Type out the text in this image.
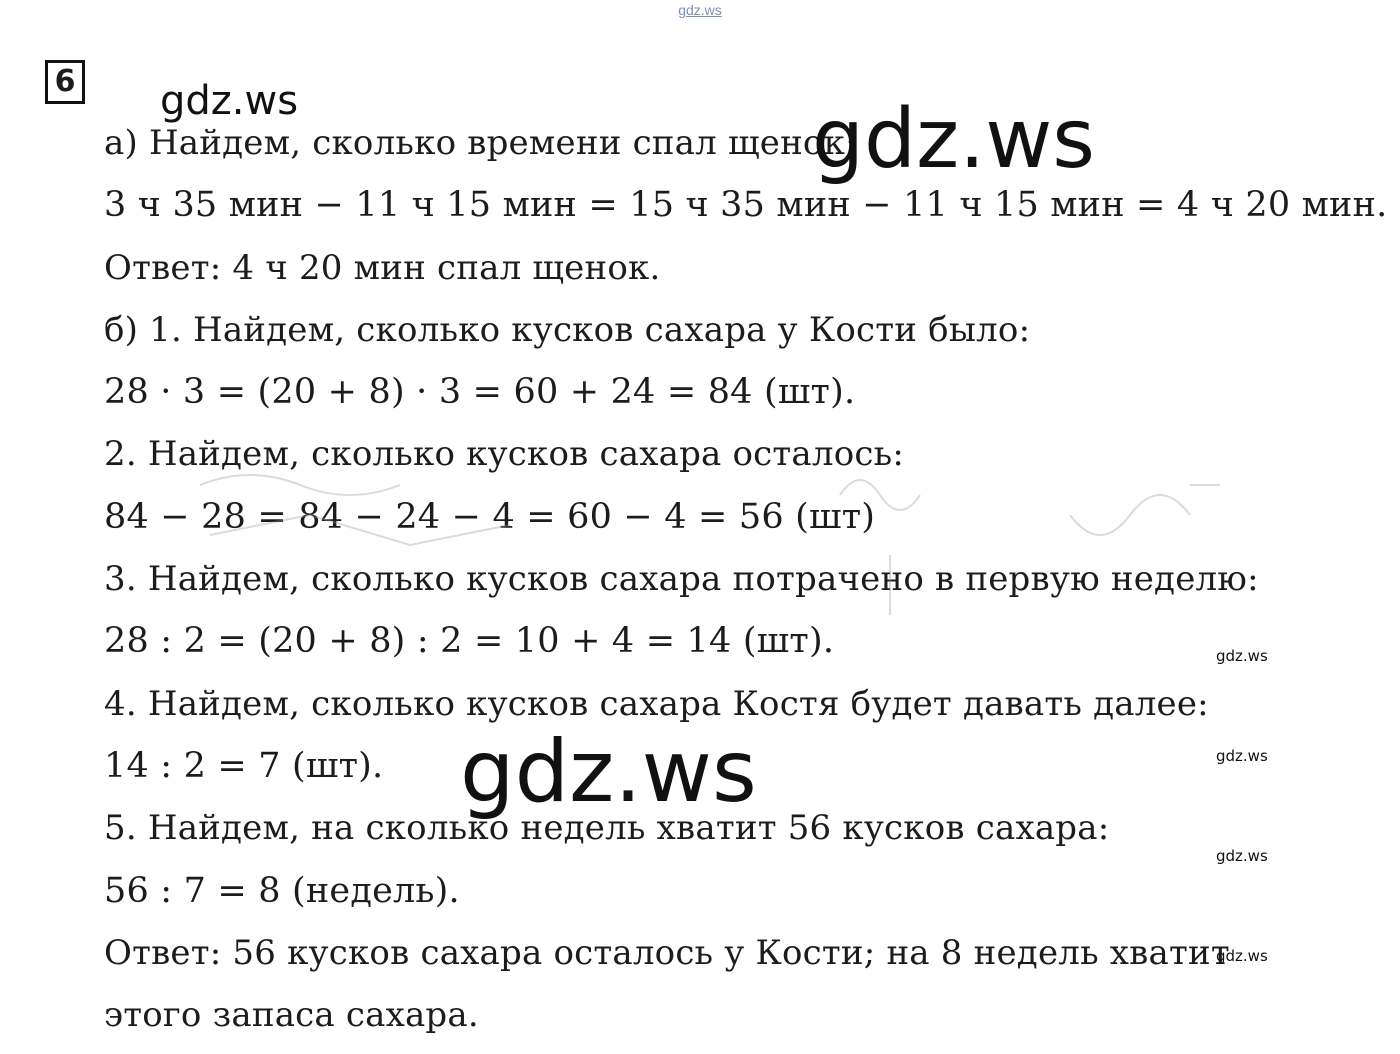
gdz.ws
6 gdz.ws
а) Найдем, сколько времени спал щенок:
3 ч 35 мин − 11 ч 15 мин = 15 ч 35 мин − 11 ч 15 мин = 4 ч 20 мин.
Ответ: 4 ч 20 мин спал щенок.
б) 1. Найдем, сколько кусков сахара у Кости было:
28 · 3 = (20 + 8) · 3 = 60 + 24 = 84 (шт).
2. Найдем, сколько кусков сахара осталось:
84 − 28 = 84 − 24 − 4 = 60 − 4 = 56 (шт)
3. Найдем, сколько кусков сахара потрачено в первую неделю:
28 : 2 = (20 + 8) : 2 = 10 + 4 = 14 (шт).
4. Найдем, сколько кусков сахара Костя будет давать далее:
14 : 2 = 7 (шт).
5. Найдем, на сколько недель хватит 56 кусков сахара:
56 : 7 = 8 (недель).
Ответ: 56 кусков сахара осталось у Кости; на 8 недель хватит
этого запаса сахара.
gdz.ws
gdz.ws
gdz.ws
gdz.ws
gdz.ws
gdz.ws
